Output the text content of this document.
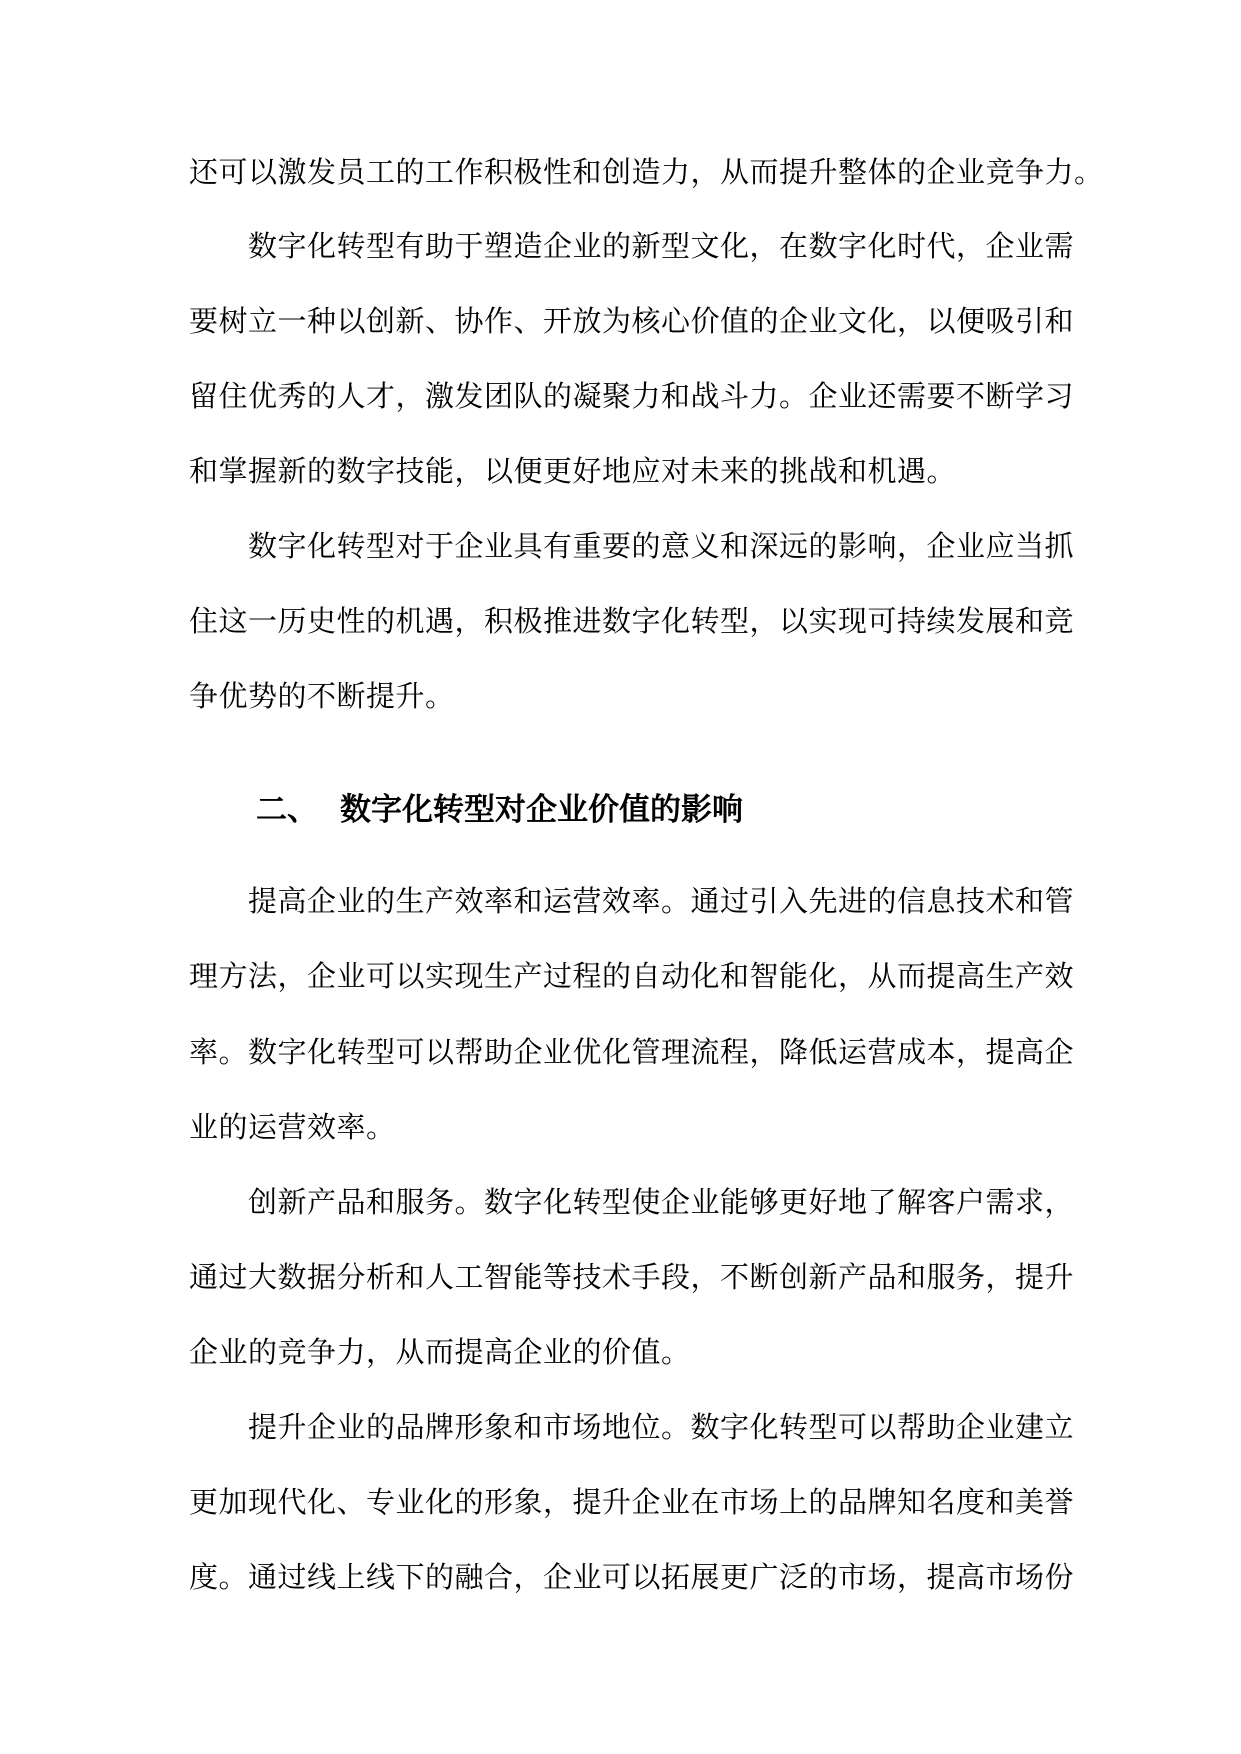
还可以激发员工的工作积极性和创造力，从而提升整体的企业竞争力。
数字化转型有助于塑造企业的新型文化，在数字化时代，企业需
要树立一种以创新、协作、开放为核心价值的企业文化，以便吸引和
留住优秀的人才，激发团队的凝聚力和战斗力。企业还需要不断学习
和掌握新的数字技能，以便更好地应对未来的挑战和机遇。
数字化转型对于企业具有重要的意义和深远的影响，企业应当抓
住这一历史性的机遇，积极推进数字化转型，以实现可持续发展和竞
争优势的不断提升。
二、 数字化转型对企业价值的影响
提高企业的生产效率和运营效率。通过引入先进的信息技术和管
理方法，企业可以实现生产过程的自动化和智能化，从而提高生产效
率。数字化转型可以帮助企业优化管理流程，降低运营成本，提高企
业的运营效率。
创新产品和服务。数字化转型使企业能够更好地了解客户需求，
通过大数据分析和人工智能等技术手段，不断创新产品和服务，提升
企业的竞争力，从而提高企业的价值。
提升企业的品牌形象和市场地位。数字化转型可以帮助企业建立
更加现代化、专业化的形象，提升企业在市场上的品牌知名度和美誉
度。通过线上线下的融合，企业可以拓展更广泛的市场，提高市场份
